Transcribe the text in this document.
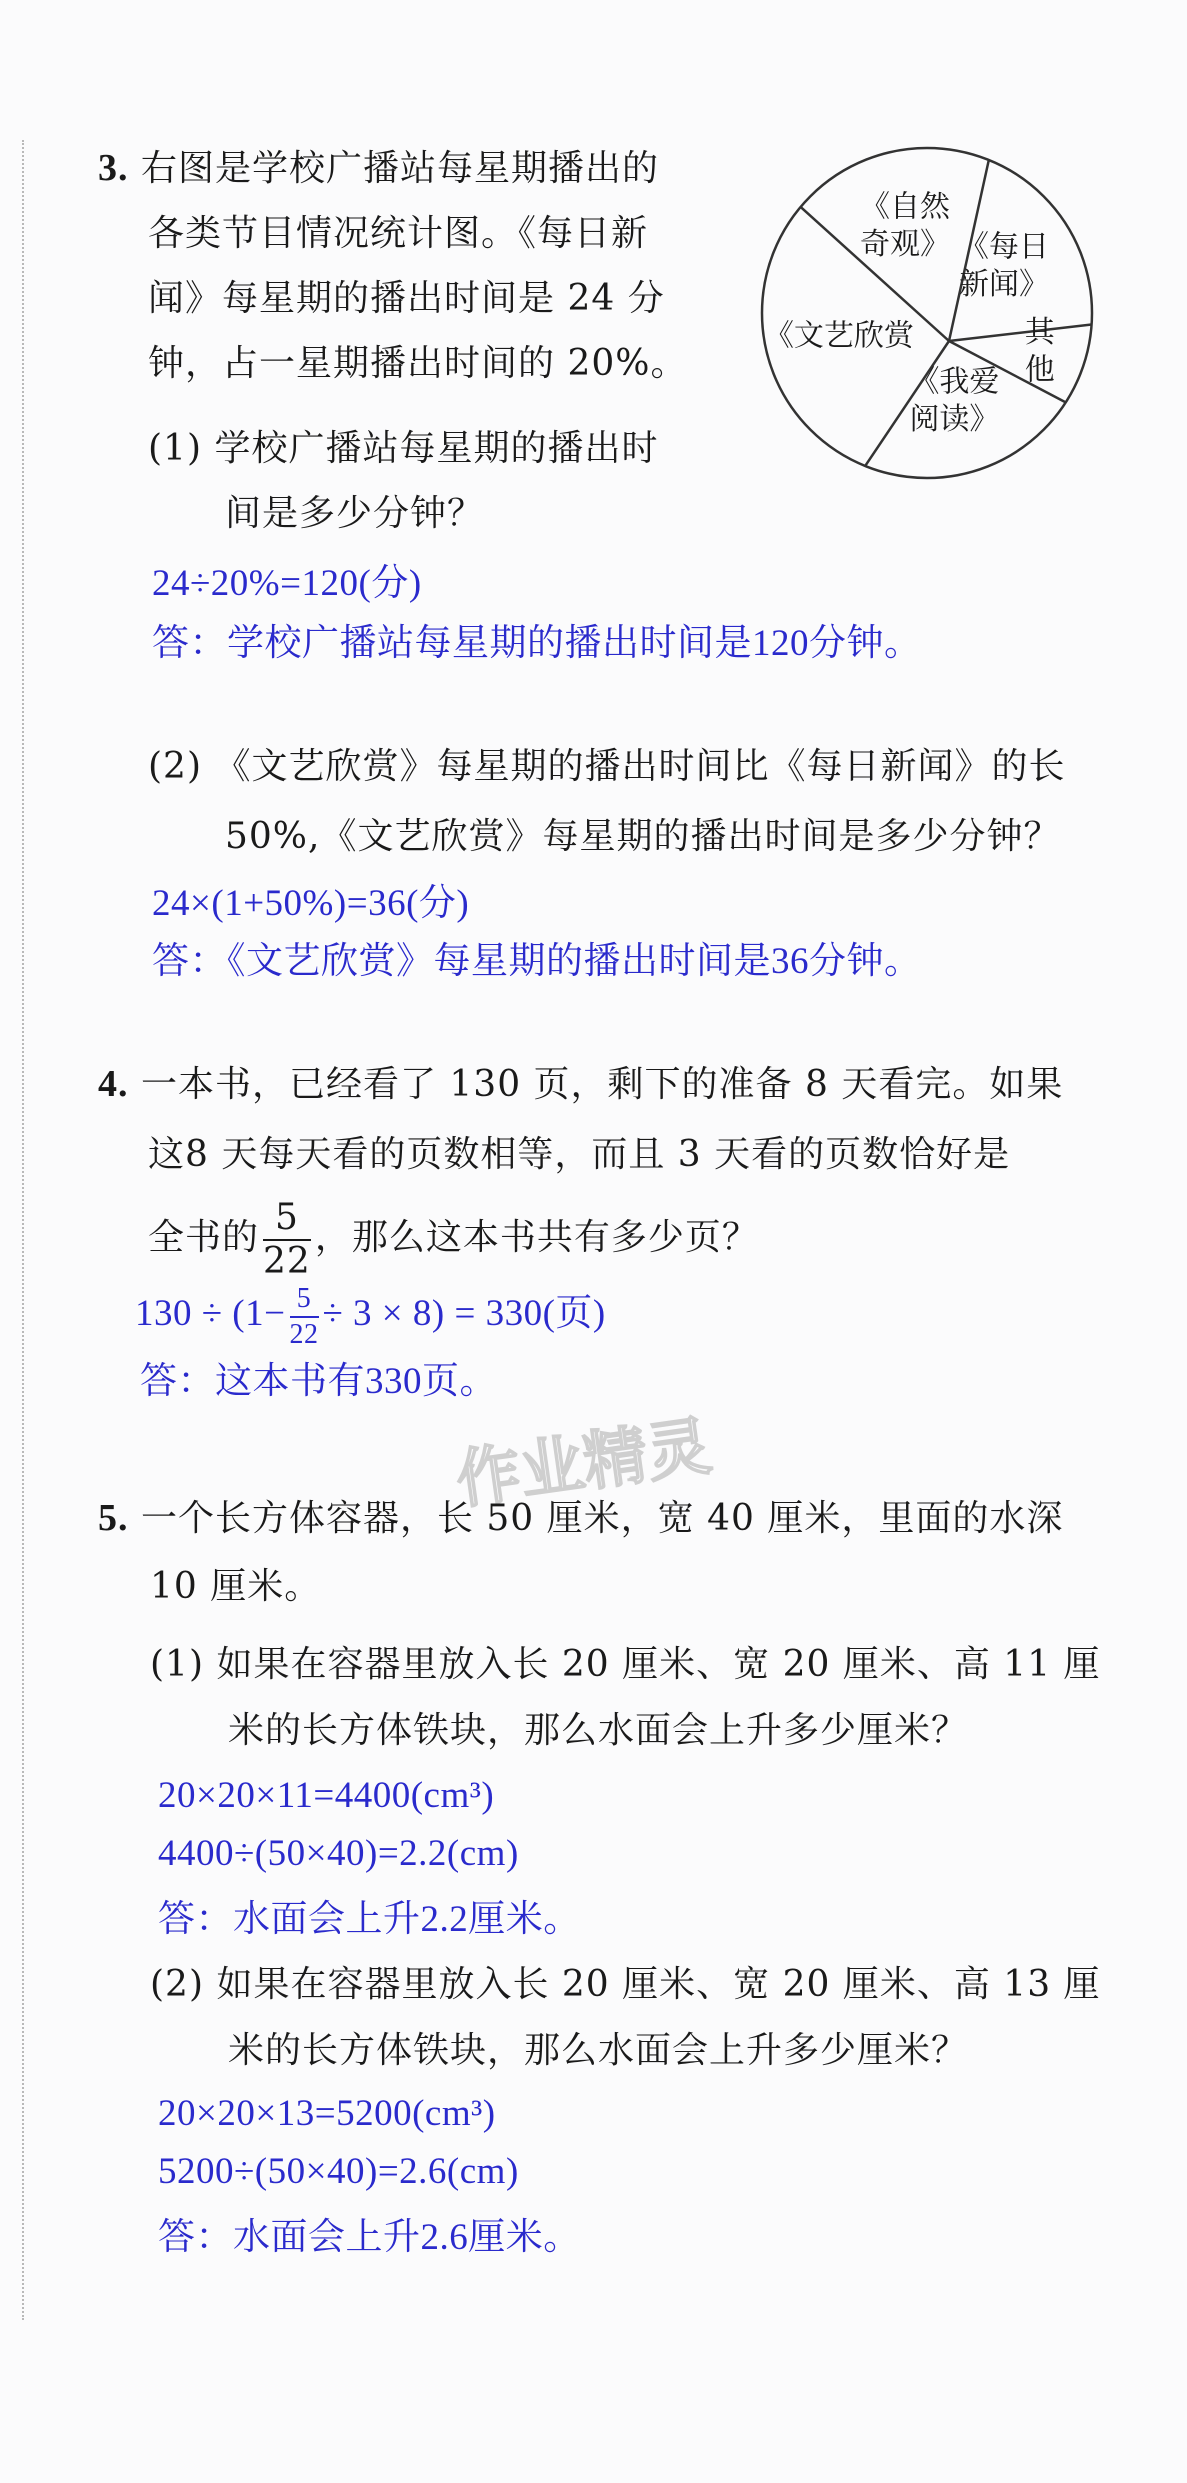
3. 右图是学校广播站每星期播出的
各类节目情况统计图。《每日新
闻》每星期的播出时间是 24 分
钟，占一星期播出时间的 20%。
《文艺欣赏
《自然
奇观》 《每日
新闻》
其
他
《我爱
阅读》
(1) 学校广播站每星期的播出时
间是多少分钟？
24÷20%=120(分)
答：学校广播站每星期的播出时间是120分钟。
(2) 《文艺欣赏》每星期的播出时间比《每日新闻》的长
50%,《文艺欣赏》每星期的播出时间是多少分钟？
24×(1+50%)=36(分)
答：《文艺欣赏》每星期的播出时间是36分钟。
4. 一本书，已经看了 130 页，剩下的准备 8 天看完。如果
这8 天每天看的页数相等，而且 3 天看的页数恰好是
全书的 $\frac{5}{22}$ ，那么这本书共有多少页？
$130 \div (1- \frac{5}{22} \div 3 \times 8) = 330$(页)
答：这本书有330页。
作业精灵
5. 一个长方体容器，长 50 厘米，宽 40 厘米，里面的水深
10 厘米。
(1) 如果在容器里放入长 20 厘米、宽 20 厘米、高 11 厘
米的长方体铁块，那么水面会上升多少厘米？
20×20×11=4400(cm³)
4400÷(50×40)=2.2(cm)
答：水面会上升2.2厘米。
(2) 如果在容器里放入长 20 厘米、宽 20 厘米、高 13 厘
米的长方体铁块，那么水面会上升多少厘米？
20×20×13=5200(cm³)
5200÷(50×40)=2.6(cm)
答：水面会上升2.6厘米。
